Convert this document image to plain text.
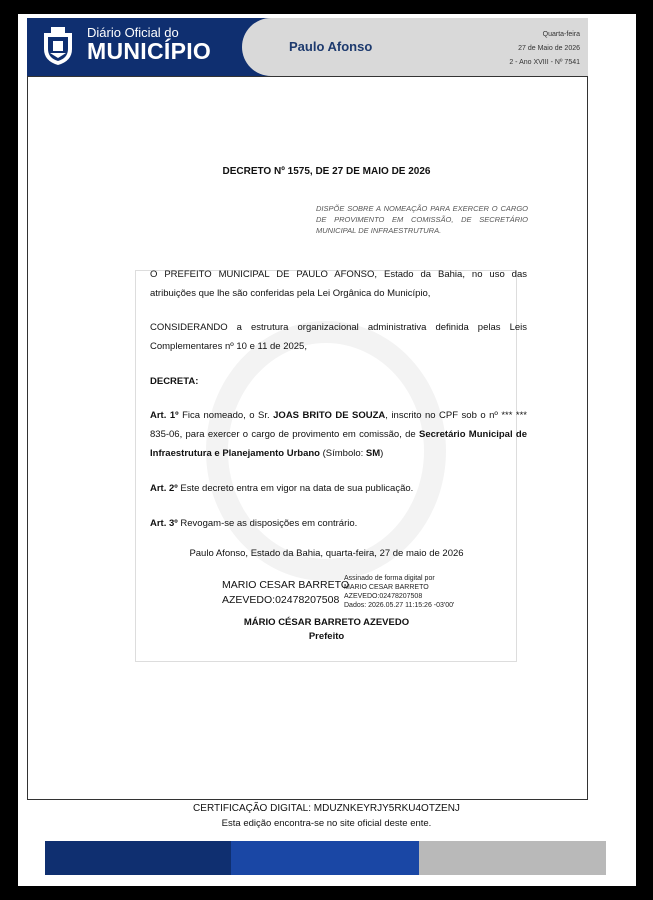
Diário Oficial do
MUNICÍPIO	Paulo Afonso
Quarta-feira
27 de Maio de 2026
2 - Ano XVIII - Nº 7541
DECRETO Nº 1575, DE 27 DE MAIO DE 2026
DISPÕE SOBRE A NOMEAÇÃO PARA EXERCER O CARGO DE PROVIMENTO EM COMISSÃO, DE SECRETÁRIO MUNICIPAL DE INFRAESTRUTURA.
O PREFEITO MUNICIPAL DE PAULO AFONSO, Estado da Bahia, no uso das atribuições que lhe são conferidas pela Lei Orgânica do Município,
CONSIDERANDO a estrutura organizacional administrativa definida pelas Leis Complementares nº 10 e 11 de 2025,
DECRETA:
Art. 1º Fica nomeado, o Sr. JOAS BRITO DE SOUZA, inscrito no CPF sob o nº *** *** 835-06, para exercer o cargo de provimento em comissão, de Secretário Municipal de Infraestrutura e Planejamento Urbano (Símbolo: SM)
Art. 2º Este decreto entra em vigor na data de sua publicação.
Art. 3º Revogam-se as disposições em contrário.
Paulo Afonso, Estado da Bahia, quarta-feira, 27 de maio de 2026
MARIO CESAR BARRETO
AZEVEDO:02478207508
Assinado de forma digital por
MARIO CESAR BARRETO
AZEVEDO:02478207508
Dados: 2026.05.27 11:15:26 -03'00'
MÁRIO CÉSAR BARRETO AZEVEDO
Prefeito
CERTIFICAÇÃO DIGITAL: MDUZNKEYRJY5RKU4OTZENJ
Esta edição encontra-se no site oficial deste ente.
